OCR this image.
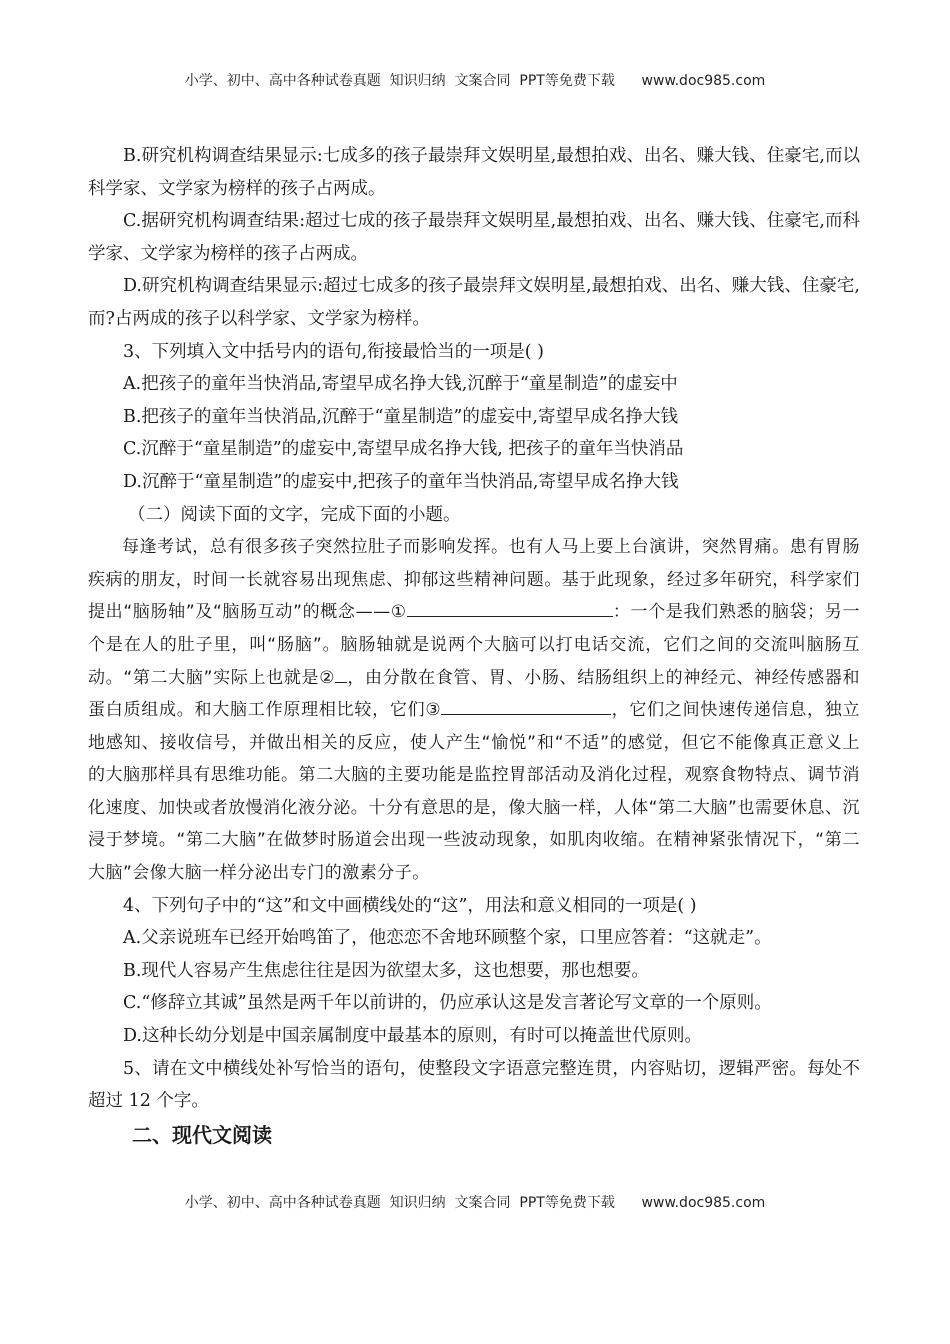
小学、初中、高中各种试卷真题  知识归纳  文案合同  PPT等免费下载      www.doc985.com

B.研究机构调查结果显示:七成多的孩子最崇拜文娱明星,最想拍戏、出名、赚大钱、住豪宅,而以科学家、文学家为榜样的孩子占两成。

C.据研究机构调查结果:超过七成的孩子最崇拜文娱明星,最想拍戏、出名、赚大钱、住豪宅,而科学家、文学家为榜样的孩子占两成。

D.研究机构调查结果显示:超过七成多的孩子最崇拜文娱明星,最想拍戏、出名、赚大钱、住豪宅,而?占两成的孩子以科学家、文学家为榜样。

3、下列填入文中括号内的语句,衔接最恰当的一项是( )

A.把孩子的童年当快消品,寄望早成名挣大钱,沉醉于“童星制造”的虚妄中

B.把孩子的童年当快消品,沉醉于“童星制造”的虚妄中,寄望早成名挣大钱

C.沉醉于“童星制造”的虚妄中,寄望早成名挣大钱, 把孩子的童年当快消品

D.沉醉于“童星制造”的虚妄中,把孩子的童年当快消品,寄望早成名挣大钱

（二）阅读下面的文字，完成下面的小题。

每逢考试，总有很多孩子突然拉肚子而影响发挥。也有人马上要上台演讲，突然胃痛。患有胃肠疾病的朋友，时间一长就容易出现焦虑、抑郁这些精神问题。基于此现象，经过多年研究，科学家们提出“脑肠轴”及“脑肠互动”的概念——①	：一个是我们熟悉的脑袋；另一个是在人的肚子里，叫“肠脑”。脑肠轴就是说两个大脑可以打电话交流，它们之间的交流叫脑肠互动。“第二大脑”实际上也就是② ，由分散在食管、胃、小肠、结肠组织上的神经元、神经传感器和蛋白质组成。和大脑工作原理相比较，它们③	，它们之间快速传递信息，独立地感知、接收信号，并做出相关的反应，使人产生“愉悦”和“不适”的感觉，但它不能像真正意义上的大脑那样具有思维功能。第二大脑的主要功能是监控胃部活动及消化过程，观察食物特点、调节消化速度、加快或者放慢消化液分泌。十分有意思的是，像大脑一样，人体“第二大脑”也需要休息、沉浸于梦境。“第二大脑”在做梦时肠道会出现一些波动现象，如肌肉收缩。在精神紧张情况下，“第二大脑”会像大脑一样分泌出专门的激素分子。

4、下列句子中的“这”和文中画横线处的“这”，用法和意义相同的一项是( )

A.父亲说班车已经开始鸣笛了，他恋恋不舍地环顾整个家，口里应答着：“这就走”。

B.现代人容易产生焦虑往往是因为欲望太多，这也想要，那也想要。

C.“修辞立其诚”虽然是两千年以前讲的，仍应承认这是发言著论写文章的一个原则。

D.这种长幼分划是中国亲属制度中最基本的原则，有时可以掩盖世代原则。

5、请在文中横线处补写恰当的语句，使整段文字语意完整连贯，内容贴切，逻辑严密。每处不超过 12 个字。

二、现代文阅读

小学、初中、高中各种试卷真题  知识归纳  文案合同  PPT等免费下载      www.doc985.com
